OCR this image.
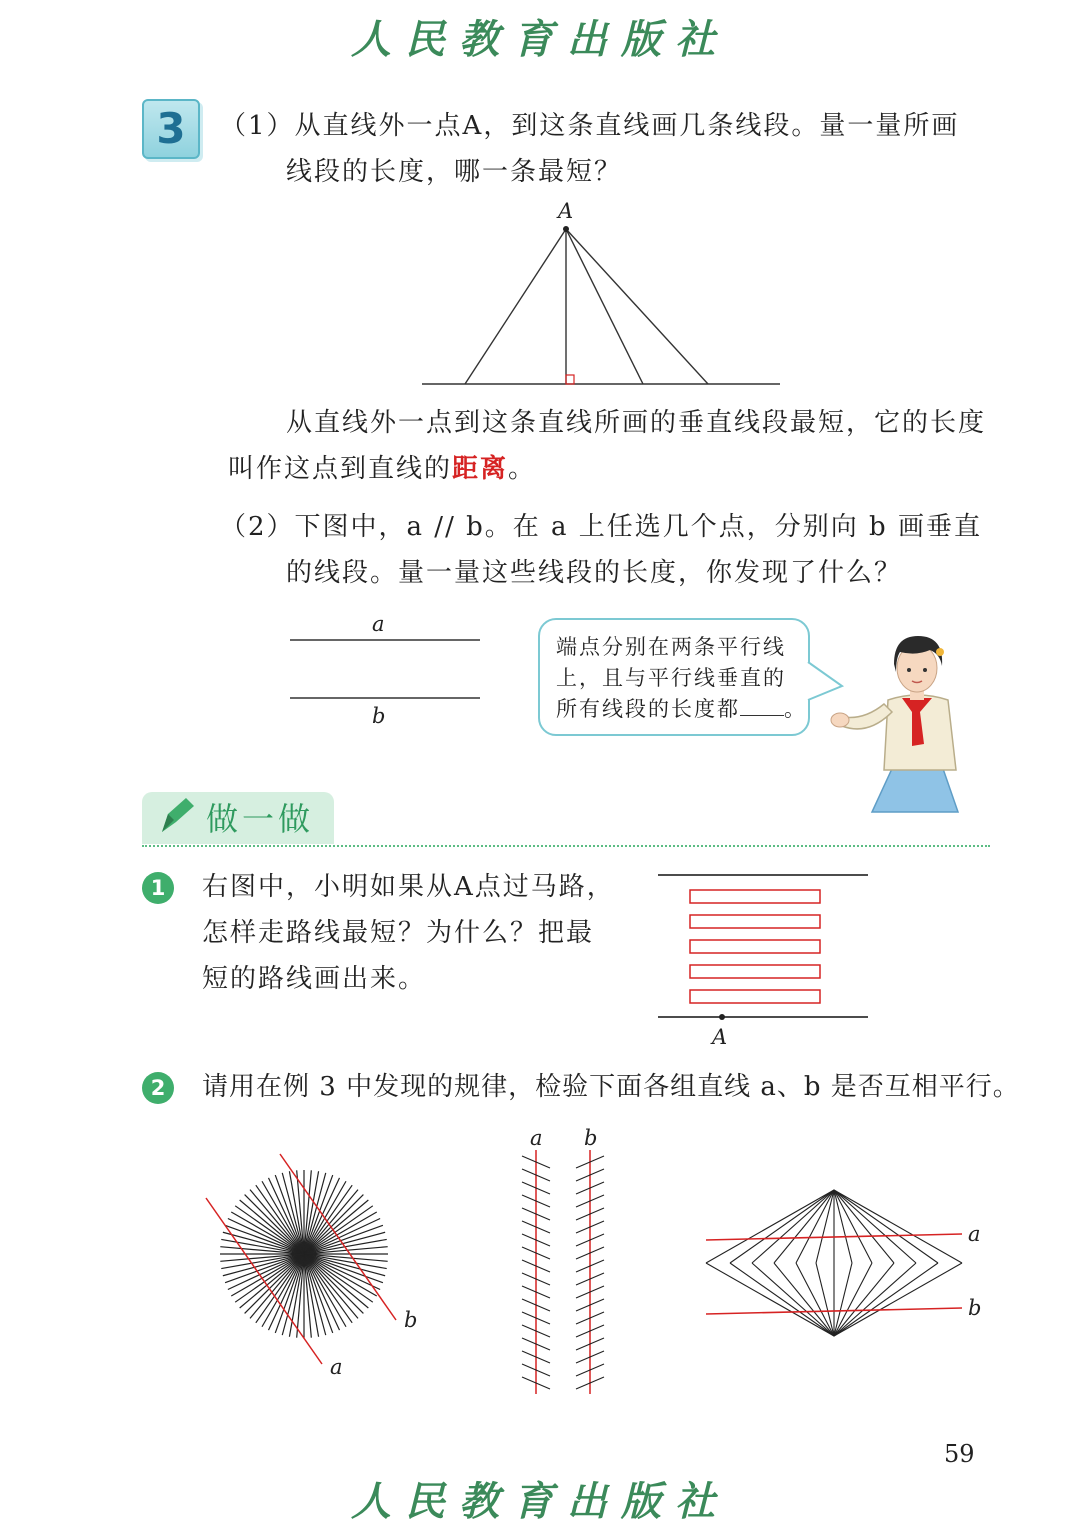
人民教育出版社
3	（1）从直线外一点A，到这条直线画几条线段。量一量所画
线段的长度，哪一条最短？
A
从直线外一点到这条直线所画的垂直线段最短，它的长度
叫作这点到直线的距离。
（2）下图中，a // b。在 a 上任选几个点，分别向 b 画垂直
的线段。量一量这些线段的长度，你发现了什么？
a
b
端点分别在两条平行线
上，且与平行线垂直的
所有线段的长度都 。
做一做
1	右图中，小明如果从A点过马路，
怎样走路线最短？为什么？把最
短的路线画出来。
A
2	请用在例 3 中发现的规律，检验下面各组直线 a、b 是否互相平行。
b
a
a b
a
b
59
人民教育出版社
